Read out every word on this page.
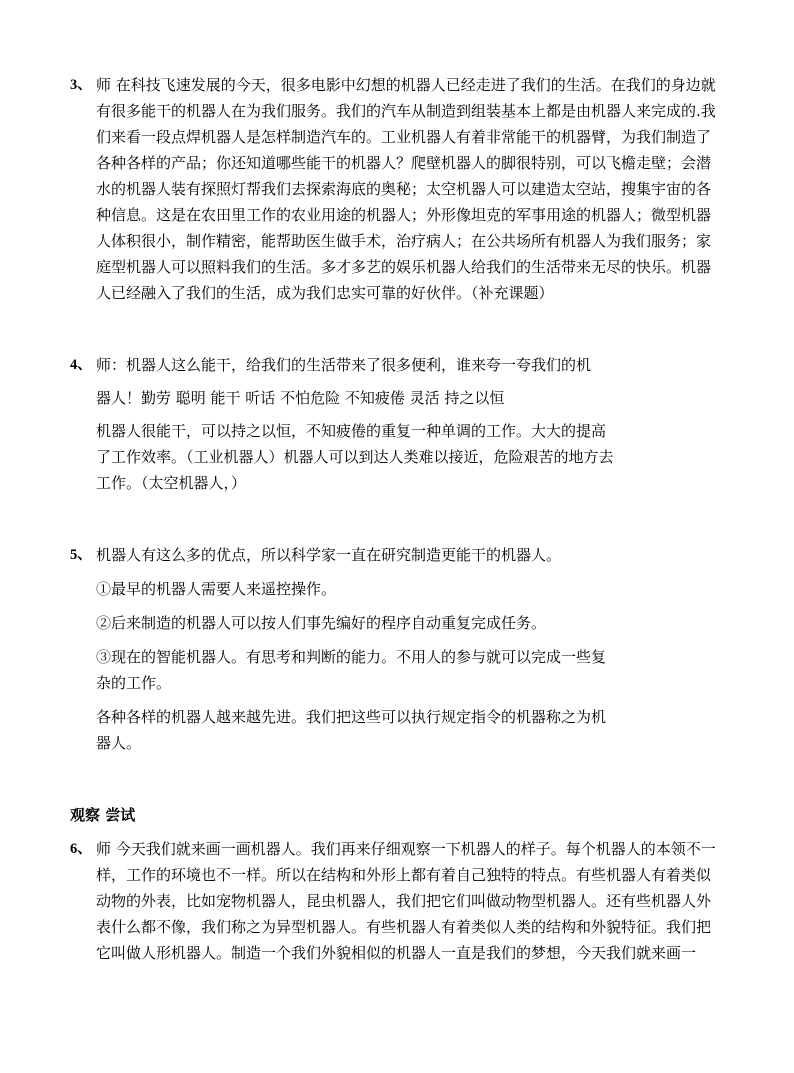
3、 师 在科技飞速发展的今天，很多电影中幻想的机器人已经走进了我们的生活。在我们的身边就有很多能干的机器人在为我们服务。我们的汽车从制造到组装基本上都是由机器人来完成的.我们来看一段点焊机器人是怎样制造汽车的。工业机器人有着非常能干的机器臂，为我们制造了各种各样的产品；你还知道哪些能干的机器人？爬壁机器人的脚很特别，可以飞檐走壁；会潜水的机器人装有探照灯帮我们去探索海底的奥秘；太空机器人可以建造太空站，搜集宇宙的各种信息。这是在农田里工作的农业用途的机器人；外形像坦克的军事用途的机器人；微型机器人体积很小，制作精密，能帮助医生做手术，治疗病人；在公共场所有机器人为我们服务；家庭型机器人可以照料我们的生活。多才多艺的娱乐机器人给我们的生活带来无尽的快乐。机器人已经融入了我们的生活，成为我们忠实可靠的好伙伴。（补充课题）

4、 师：机器人这么能干，给我们的生活带来了很多便利，谁来夸一夸我们的机

器人！勤劳 聪明 能干 听话 不怕危险 不知疲倦 灵活 持之以恒

机器人很能干，可以持之以恒，不知疲倦的重复一种单调的工作。大大的提高了工作效率。（工业机器人）机器人可以到达人类难以接近，危险艰苦的地方去工作。（太空机器人，）

5、 机器人有这么多的优点，所以科学家一直在研究制造更能干的机器人。

①最早的机器人需要人来遥控操作。

②后来制造的机器人可以按人们事先编好的程序自动重复完成任务。

③现在的智能机器人。有思考和判断的能力。不用人的参与就可以完成一些复杂的工作。

各种各样的机器人越来越先进。我们把这些可以执行规定指令的机器称之为机器人。

观察 尝试

6、 师 今天我们就来画一画机器人。我们再来仔细观察一下机器人的样子。每个机器人的本领不一样，工作的环境也不一样。所以在结构和外形上都有着自己独特的特点。有些机器人有着类似动物的外表，比如宠物机器人，昆虫机器人，我们把它们叫做动物型机器人。还有些机器人外表什么都不像，我们称之为异型机器人。有些机器人有着类似人类的结构和外貌特征。我们把它叫做人形机器人。制造一个我们外貌相似的机器人一直是我们的梦想，今天我们就来画一
